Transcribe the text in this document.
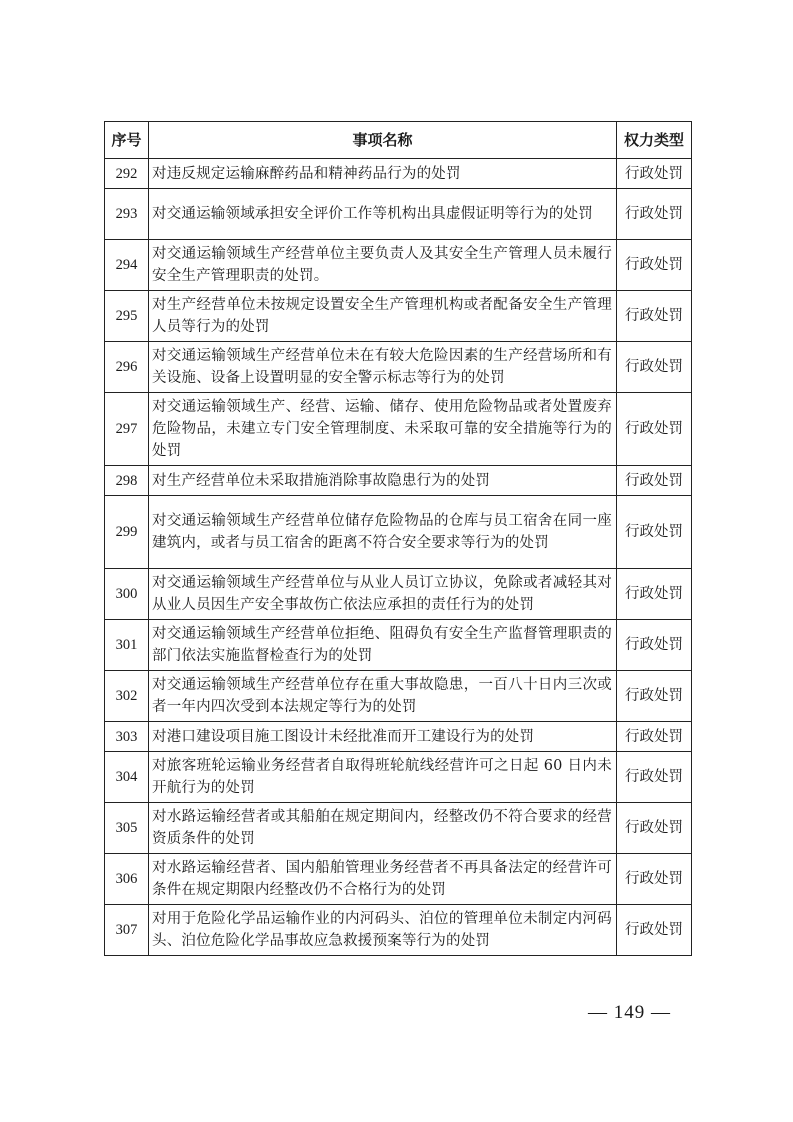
序号	事项名称	权力类型
292	对违反规定运输麻醉药品和精神药品行为的处罚	行政处罚
293	对交通运输领域承担安全评价工作等机构出具虚假证明等行为的处罚	行政处罚
294	对交通运输领域生产经营单位主要负责人及其安全生产管理人员未履行安全生产管理职责的处罚。	行政处罚
295	对生产经营单位未按规定设置安全生产管理机构或者配备安全生产管理人员等行为的处罚	行政处罚
296	对交通运输领域生产经营单位未在有较大危险因素的生产经营场所和有关设施、设备上设置明显的安全警示标志等行为的处罚	行政处罚
297	对交通运输领域生产、经营、运输、储存、使用危险物品或者处置废弃危险物品，未建立专门安全管理制度、未采取可靠的安全措施等行为的处罚	行政处罚
298	对生产经营单位未采取措施消除事故隐患行为的处罚	行政处罚
299	对交通运输领域生产经营单位储存危险物品的仓库与员工宿舍在同一座建筑内，或者与员工宿舍的距离不符合安全要求等行为的处罚	行政处罚
300	对交通运输领域生产经营单位与从业人员订立协议，免除或者减轻其对从业人员因生产安全事故伤亡依法应承担的责任行为的处罚	行政处罚
301	对交通运输领域生产经营单位拒绝、阻碍负有安全生产监督管理职责的部门依法实施监督检查行为的处罚	行政处罚
302	对交通运输领域生产经营单位存在重大事故隐患，一百八十日内三次或者一年内四次受到本法规定等行为的处罚	行政处罚
303	对港口建设项目施工图设计未经批准而开工建设行为的处罚	行政处罚
304	对旅客班轮运输业务经营者自取得班轮航线经营许可之日起 60 日内未开航行为的处罚	行政处罚
305	对水路运输经营者或其船舶在规定期间内，经整改仍不符合要求的经营资质条件的处罚	行政处罚
306	对水路运输经营者、国内船舶管理业务经营者不再具备法定的经营许可条件在规定期限内经整改仍不合格行为的处罚	行政处罚
307	对用于危险化学品运输作业的内河码头、泊位的管理单位未制定内河码头、泊位危险化学品事故应急救援预案等行为的处罚	行政处罚
— 149 —
